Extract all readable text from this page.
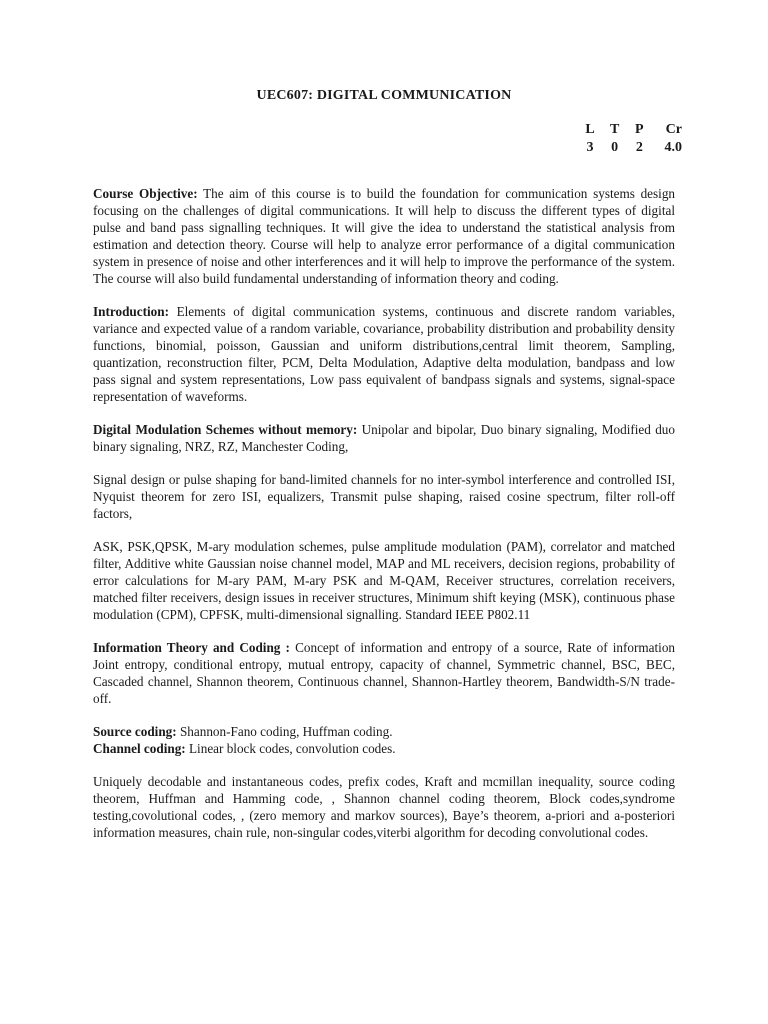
UEC607: DIGITAL COMMUNICATION
L T P	Cr
3	0	2	4.0

Course Objective: The aim of this course is to build the foundation for communication systems design focusing on the challenges of digital communications. It will help to discuss the different types of digital pulse and band pass signalling techniques. It will give the idea to understand the statistical analysis from estimation and detection theory. Course will help to analyze error performance of a digital communication system in presence of noise and other interferences and it will help to improve the performance of the system. The course will also build fundamental understanding of information theory and coding.

Introduction: Elements of digital communication systems, continuous and discrete random variables, variance and expected value of a random variable, covariance, probability distribution and probability density functions, binomial, poisson, Gaussian and uniform distributions,central limit theorem, Sampling, quantization, reconstruction filter, PCM, Delta Modulation, Adaptive delta modulation, bandpass and low pass signal and system representations, Low pass equivalent of bandpass signals and systems, signal-space representation of waveforms.

Digital Modulation Schemes without memory: Unipolar and bipolar, Duo binary signaling, Modified duo binary signaling, NRZ, RZ, Manchester Coding,

Signal design or pulse shaping for band-limited channels for no inter-symbol interference and controlled ISI, Nyquist theorem for zero ISI, equalizers, Transmit pulse shaping, raised cosine spectrum, filter roll-off factors,

ASK, PSK,QPSK, M-ary modulation schemes, pulse amplitude modulation (PAM), correlator and matched filter, Additive white Gaussian noise channel model, MAP and ML receivers, decision regions, probability of error calculations for M-ary PAM, M-ary PSK and M-QAM, Receiver structures, correlation receivers, matched filter receivers, design issues in receiver structures, Minimum shift keying (MSK), continuous phase modulation (CPM), CPFSK, multi-dimensional signalling. Standard IEEE P802.11

Information Theory and Coding : Concept of information and entropy of a source, Rate of information Joint entropy, conditional entropy, mutual entropy, capacity of channel, Symmetric channel, BSC, BEC, Cascaded channel, Shannon theorem, Continuous channel, Shannon-Hartley theorem, Bandwidth-S/N trade-off.

Source coding: Shannon-Fano coding, Huffman coding.

Channel coding: Linear block codes, convolution codes.

Uniquely decodable and instantaneous codes, prefix codes, Kraft and mcmillan inequality, source coding theorem, Huffman and Hamming code, , Shannon channel coding theorem, Block codes,syndrome testing,covolutional codes, , (zero memory and markov sources), Baye’s theorem, a-priori and a-posteriori information measures, chain rule, non-singular codes,viterbi algorithm for decoding convolutional codes.
